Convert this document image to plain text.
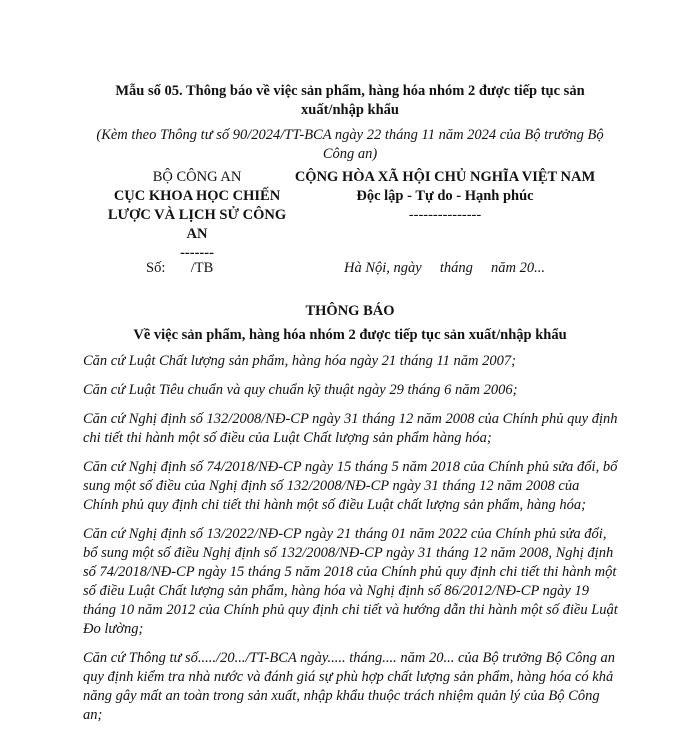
Mẫu số 05. Thông báo về việc sản phẩm, hàng hóa nhóm 2 được tiếp tục sản
xuất/nhập khẩu
(Kèm theo Thông tư số 90/2024/TT-BCA ngày 22 tháng 11 năm 2024 của Bộ trưởng Bộ
Công an)
BỘ CÔNG AN
CỤC KHOA HỌC CHIẾN
LƯỢC VÀ LỊCH SỬ CÔNG
AN
-------
CỘNG HÒA XÃ HỘI CHỦ NGHĨA VIỆT NAM
Độc lập - Tự do - Hạnh phúc
---------------
Số:       /TB	Hà Nội, ngày     tháng     năm 20...
THÔNG BÁO
Về việc sản phẩm, hàng hóa nhóm 2 được tiếp tục sản xuất/nhập khẩu

Căn cứ Luật Chất lượng sản phẩm, hàng hóa ngày 21 tháng 11 năm 2007;

Căn cứ Luật Tiêu chuẩn và quy chuẩn kỹ thuật ngày 29 tháng 6 năm 2006;

Căn cứ Nghị định số 132/2008/NĐ-CP ngày 31 tháng 12 năm 2008 của Chính phủ quy định chi tiết thi hành một số điều của Luật Chất lượng sản phẩm hàng hóa;

Căn cứ Nghị định số 74/2018/NĐ-CP ngày 15 tháng 5 năm 2018 của Chính phủ sửa đổi, bổ sung một số điều của Nghị định số 132/2008/NĐ-CP ngày 31 tháng 12 năm 2008 của Chính phủ quy định chi tiết thi hành một số điều Luật chất lượng sản phẩm, hàng hóa;

Căn cứ Nghị định số 13/2022/NĐ-CP ngày 21 tháng 01 năm 2022 của Chính phủ sửa đổi, bổ sung một số điều Nghị định số 132/2008/NĐ-CP ngày 31 tháng 12 năm 2008, Nghị định số 74/2018/NĐ-CP ngày 15 tháng 5 năm 2018 của Chính phủ quy định chi tiết thi hành một số điều Luật Chất lượng sản phẩm, hàng hóa và Nghị định số 86/2012/NĐ-CP ngày 19 tháng 10 năm 2012 của Chính phủ quy định chi tiết và hướng dẫn thi hành một số điều Luật Đo lường;

Căn cứ Thông tư số...../20.../TT-BCA ngày..... tháng.... năm 20... của Bộ trưởng Bộ Công an quy định kiểm tra nhà nước và đánh giá sự phù hợp chất lượng sản phẩm, hàng hóa có khả năng gây mất an toàn trong sản xuất, nhập khẩu thuộc trách nhiệm quản lý của Bộ Công an;
